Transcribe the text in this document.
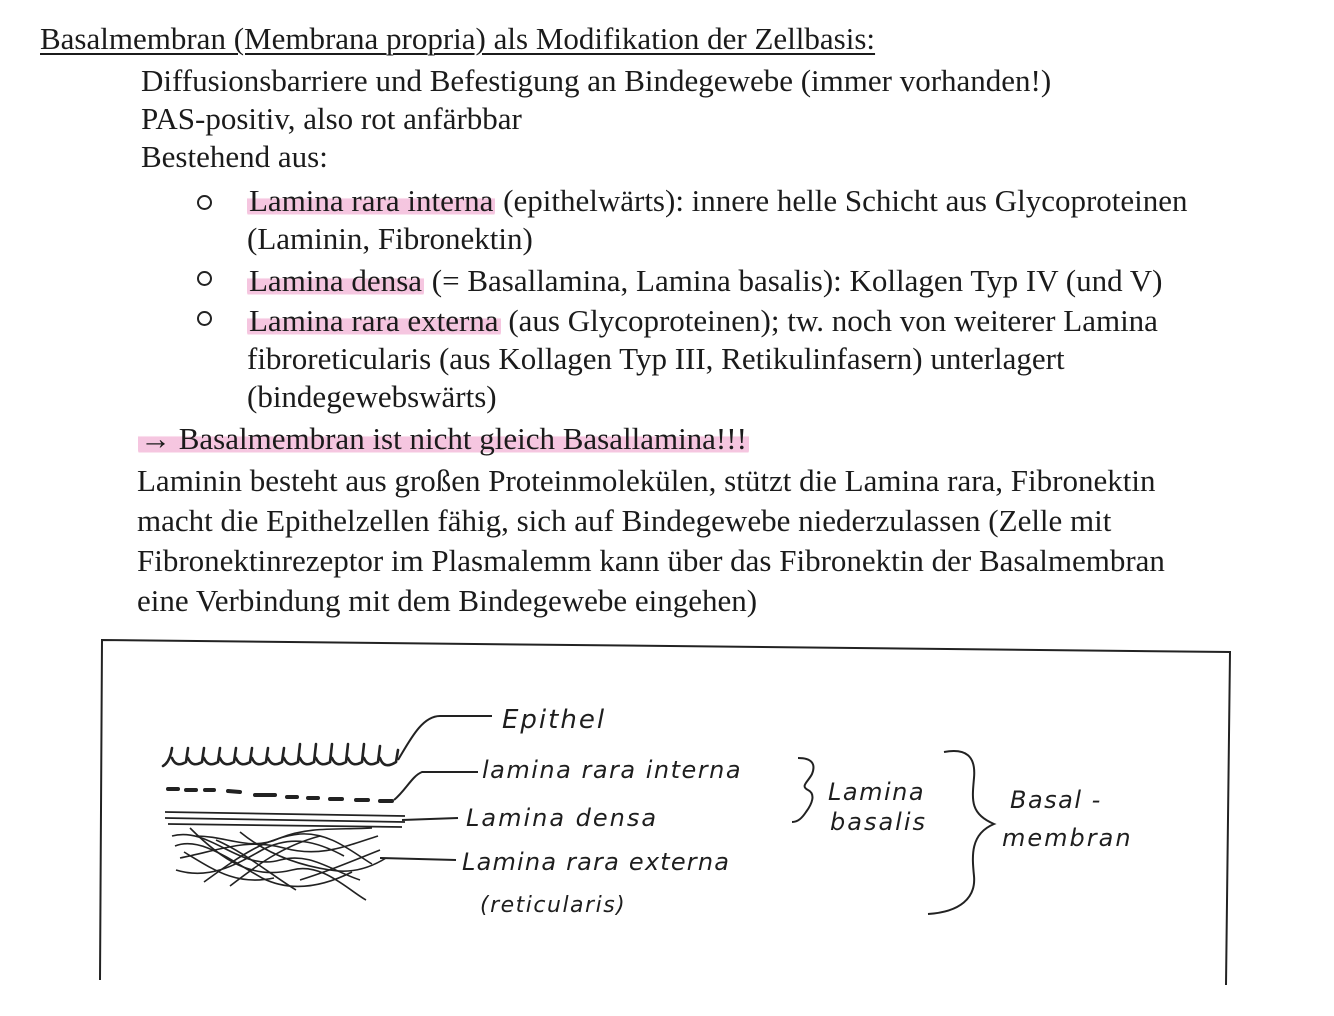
Basalmembran (Membrana propria) als Modifikation der Zellbasis:
Diffusionsbarriere und Befestigung an Bindegewebe (immer vorhanden!)
PAS-positiv, also rot anfärbbar
Bestehend aus:
Lamina rara interna (epithelwärts): innere helle Schicht aus Glycoproteinen
(Laminin, Fibronektin)
Lamina densa (= Basallamina, Lamina basalis): Kollagen Typ IV (und V)
Lamina rara externa (aus Glycoproteinen); tw. noch von weiterer Lamina
fibroreticularis (aus Kollagen Typ III, Retikulinfasern) unterlagert
(bindegewebswärts)
→ Basalmembran ist nicht gleich Basallamina!!!
Laminin besteht aus großen Proteinmolekülen, stützt die Lamina rara, Fibronektin
macht die Epithelzellen fähig, sich auf Bindegewebe niederzulassen (Zelle mit
Fibronektinrezeptor im Plasmalemm kann über das Fibronektin der Basalmembran
eine Verbindung mit dem Bindegewebe eingehen)
Epithel
lamina rara interna
Lamina densa
Lamina rara externa
(reticularis)
Lamina
basalis
Basal -
membran
